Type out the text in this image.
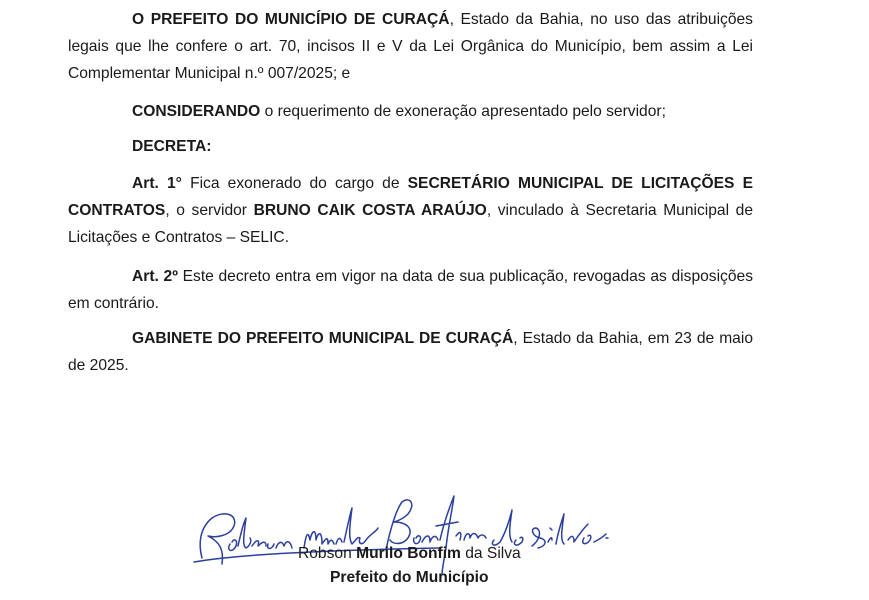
O PREFEITO DO MUNICÍPIO DE CURAÇÁ, Estado da Bahia, no uso das atribuições legais que lhe confere o art. 70, incisos II e V da Lei Orgânica do Município, bem assim a Lei Complementar Municipal n.º 007/2025; e

CONSIDERANDO o requerimento de exoneração apresentado pelo servidor;

DECRETA:

Art. 1° Fica exonerado do cargo de SECRETÁRIO MUNICIPAL DE LICITAÇÕES E CONTRATOS, o servidor BRUNO CAIK COSTA ARAÚJO, vinculado à Secretaria Municipal de Licitações e Contratos – SELIC.

Art. 2º Este decreto entra em vigor na data de sua publicação, revogadas as disposições em contrário.

GABINETE DO PREFEITO MUNICIPAL DE CURAÇÁ, Estado da Bahia, em 23 de maio de 2025.

Robson Murilo Bonfim da Silva
Prefeito do Município
